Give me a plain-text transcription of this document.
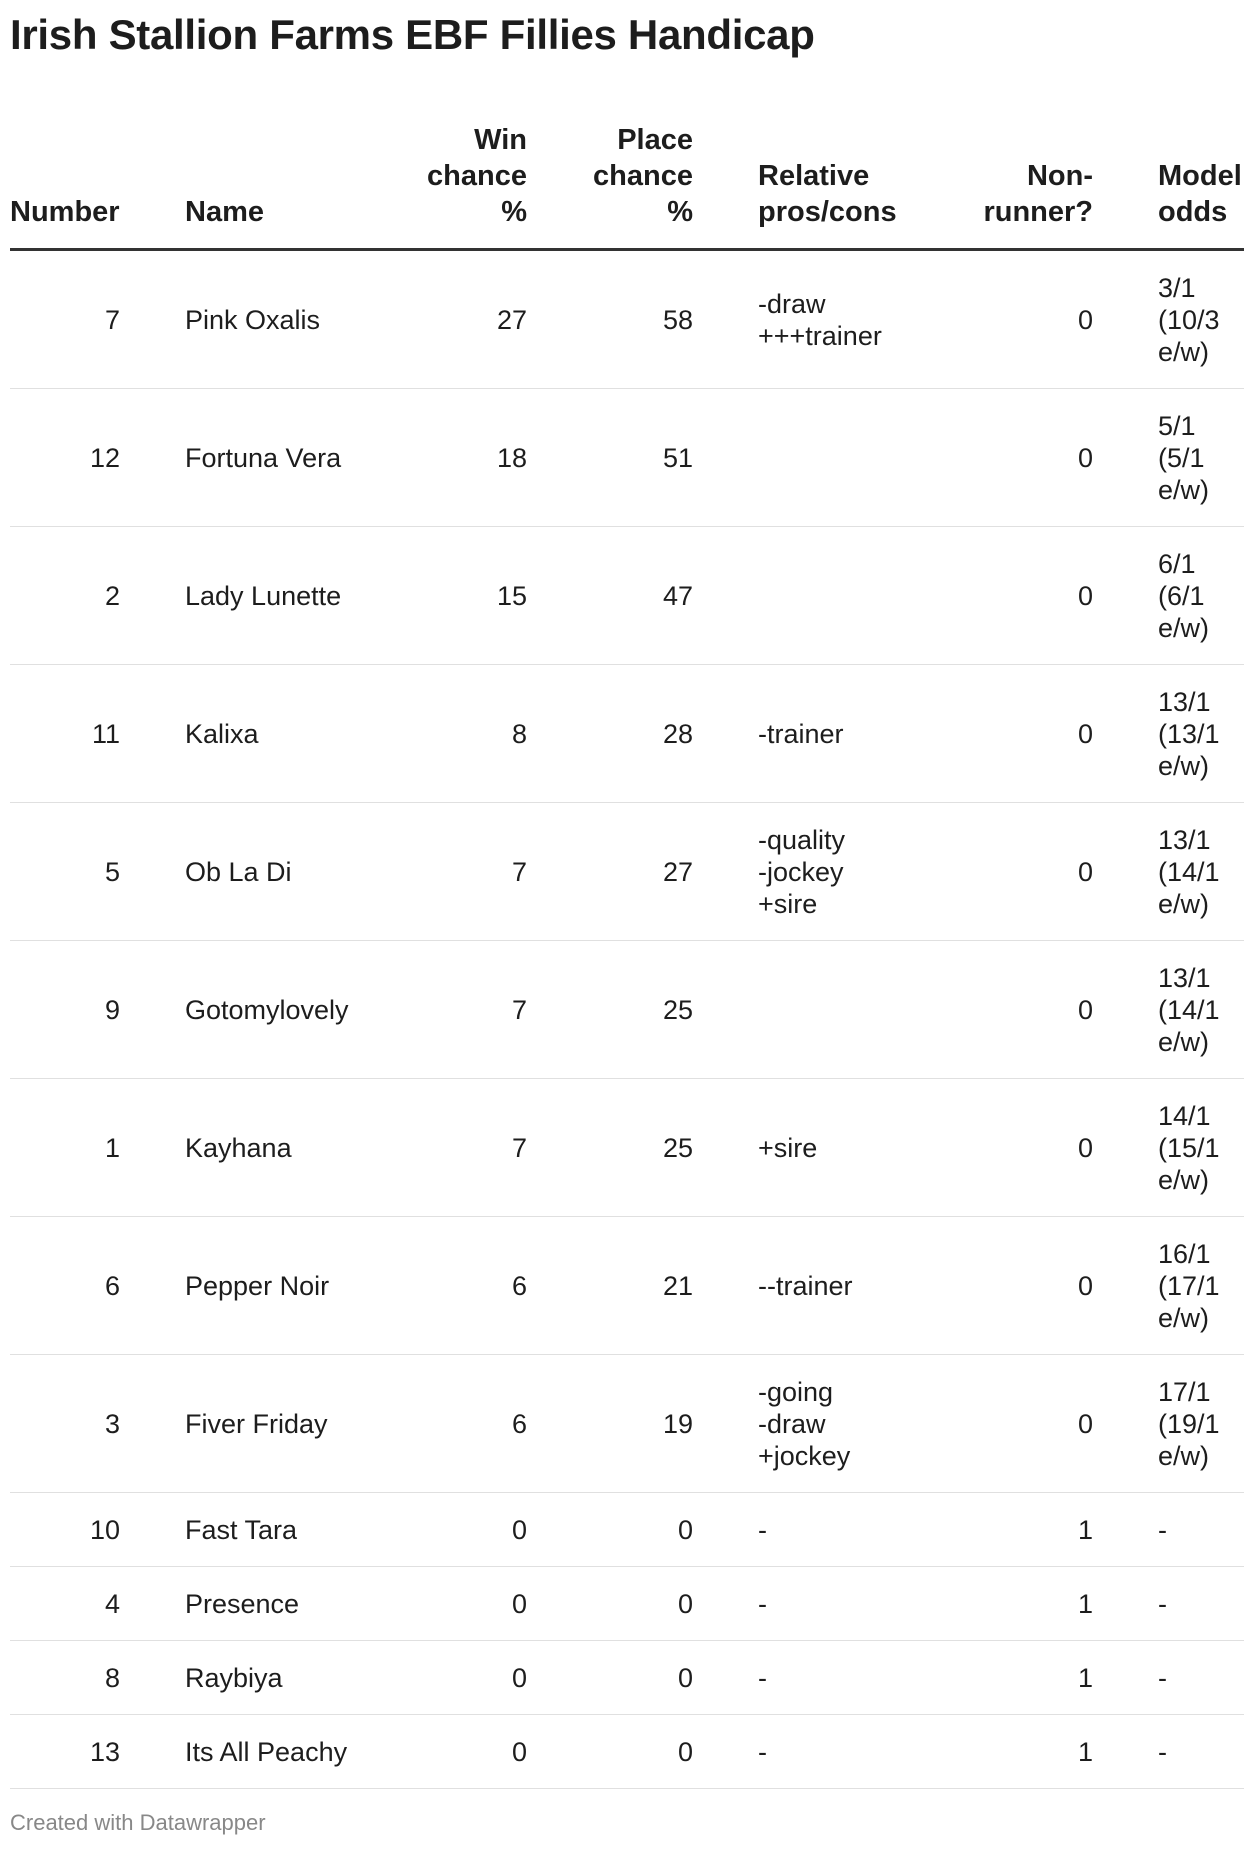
Irish Stallion Farms EBF Fillies Handicap
Number		Name	Win
chance
%	Place
chance
%		Relative
pros/cons	Non-
runner?		Model
odds
7		Pink Oxalis	27	58		-draw
+++trainer	0		3/1
(10/3
e/w)
12		Fortuna Vera	18	51			0		5/1
(5/1
e/w)
2		Lady Lunette	15	47			0		6/1
(6/1
e/w)
11		Kalixa	8	28		-trainer	0		13/1
(13/1
e/w)
5		Ob La Di	7	27		-quality
-jockey
+sire	0		13/1
(14/1
e/w)
9		Gotomylovely	7	25			0		13/1
(14/1
e/w)
1		Kayhana	7	25		+sire	0		14/1
(15/1
e/w)
6		Pepper Noir	6	21		--trainer	0		16/1
(17/1
e/w)
3		Fiver Friday	6	19		-going
-draw
+jockey	0		17/1
(19/1
e/w)
10		Fast Tara	0	0		-	1		-
4		Presence	0	0		-	1		-
8		Raybiya	0	0		-	1		-
13		Its All Peachy	0	0		-	1		-
Created with Datawrapper
